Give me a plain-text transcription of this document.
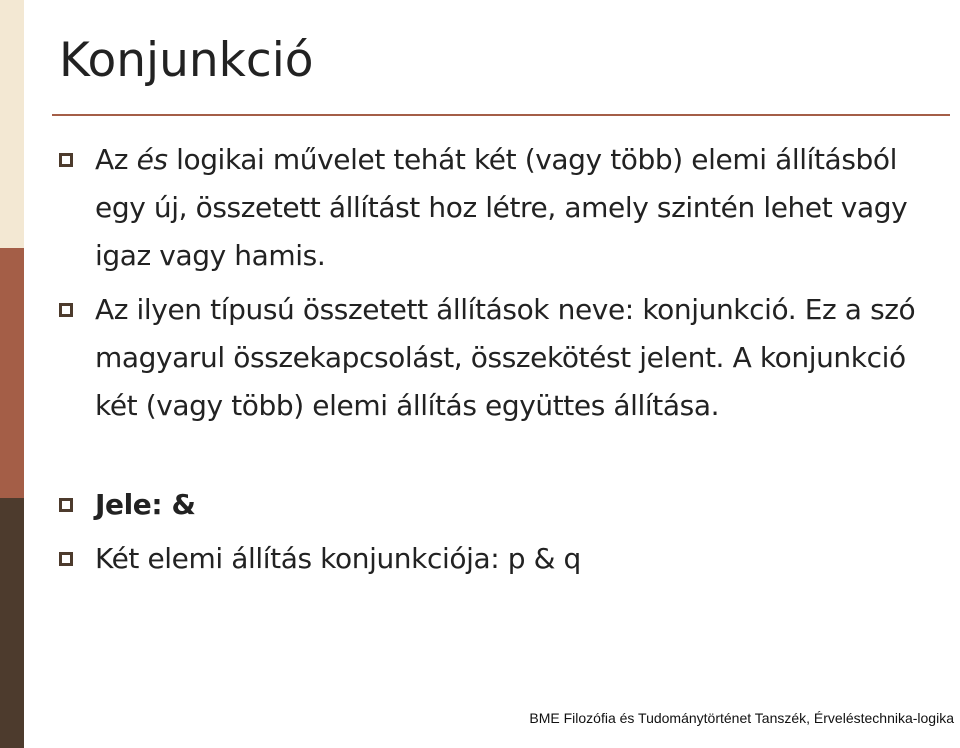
Konjunkció
Az és logikai művelet tehát két (vagy több) elemi állításból egy új, összetett állítást hoz létre, amely szintén lehet vagy igaz vagy hamis.
Az ilyen típusú összetett állítások neve: konjunkció. Ez a szó magyarul összekapcsolást, összekötést jelent. A konjunkció két (vagy több) elemi állítás együttes állítása.
Jele: &
Két elemi állítás konjunkciója: p & q
BME Filozófia és Tudománytörténet Tanszék, Érveléstechnika-logika
